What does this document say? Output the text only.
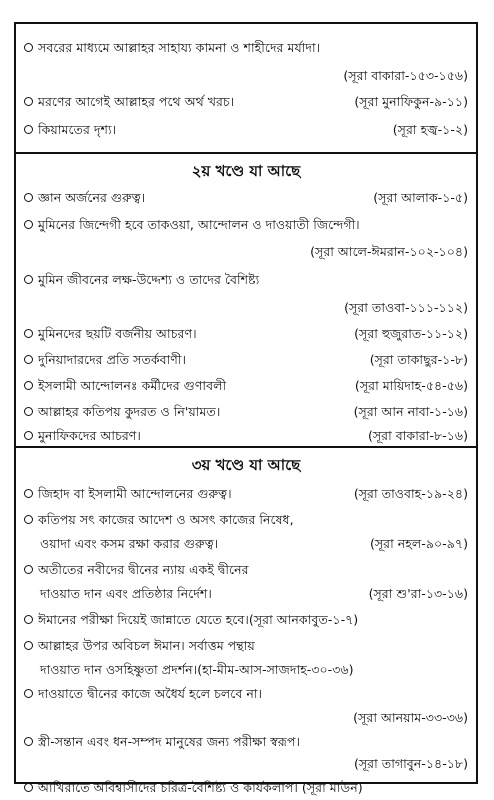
সবরের মাধ্যমে আল্লাহর সাহায্য কামনা ও শাহীদের মর্যাদা।
(সূরা বাকারা-১৫৩-১৫৬)
মরণের আগেই আল্লাহর পথে অর্থ খরচ।	(সূরা মুনাফিকুন-৯-১১)
কিয়ামতের দৃশ্য।	(সূরা হজ্ব-১-২)
২য় খণ্ডে যা আছে
জ্ঞান অর্জনের গুরুত্ব।	(সূরা আলাক-১-৫)
মুমিনের জিন্দেগী হবে তাকওয়া, আন্দোলন ও দাওয়াতী জিন্দেগী।
(সূরা আলে-ঈমরান-১০২-১০৪)
মুমিন জীবনের লক্ষ-উদ্দেশ্য ও তাদের বৈশিষ্ট্য
(সূরা তাওবা-১১১-১১২)
মুমিনদের ছয়টি বর্জনীয় আচরণ।	(সূরা হুজুরাত-১১-১২)
দুনিয়াদারদের প্রতি সতর্কবাণী।	(সূরা তাকাছুর-১-৮)
ইসলামী আন্দোলনঃ কর্মীদের গুণাবলী	(সূরা মায়িদাহ-৫৪-৫৬)
আল্লাহর কতিপয় কুদরত ও নি'য়ামত।	(সূরা আন নাবা-১-১৬)
মুনাফিকদের আচরণ।	(সূরা বাকারা-৮-১৬)
৩য় খণ্ডে যা আছে
জিহাদ বা ইসলামী আন্দোলনের গুরুত্ব।	(সূরা তাওবাহ-১৯-২৪)
কতিপয় সৎ কাজের আদেশ ও অসৎ কাজের নিষেধ,
ওয়াদা এবং কসম রক্ষা করার গুরুত্ব।	(সূরা নহল-৯০-৯৭)
অতীতের নবীদের দ্বীনের ন্যায় একই দ্বীনের
দাওয়াত দান এবং প্রতিষ্ঠার নির্দেশ।	(সূরা শু'রা-১৩-১৬)
ঈমানের পরীক্ষা দিয়েই জান্নাতে যেতে হবে।(সূরা আনকাবুত-১-৭)
আল্লাহর উপর অবিচল ঈমান। সর্বাত্তম পন্থায়
দাওয়াত দান ওসহিষ্ণুতা প্রদর্শন।(হা-মীম-আস-সাজদাহ-৩০-৩৬)
দাওয়াতে দ্বীনের কাজে অধৈর্য হলে চলবে না।
(সূরা আনয়াম-৩৩-৩৬)
স্ত্রী-সন্তান এবং ধন-সম্পদ মানুষের জন্য পরীক্ষা স্বরূপ।
(সূরা তাগাবুন-১৪-১৮)
আখিরাতে অবিশ্বাসীদের চরিত্র-বৈশিষ্ট্য ও কার্যকলাপ। (সূরা মাউন)
